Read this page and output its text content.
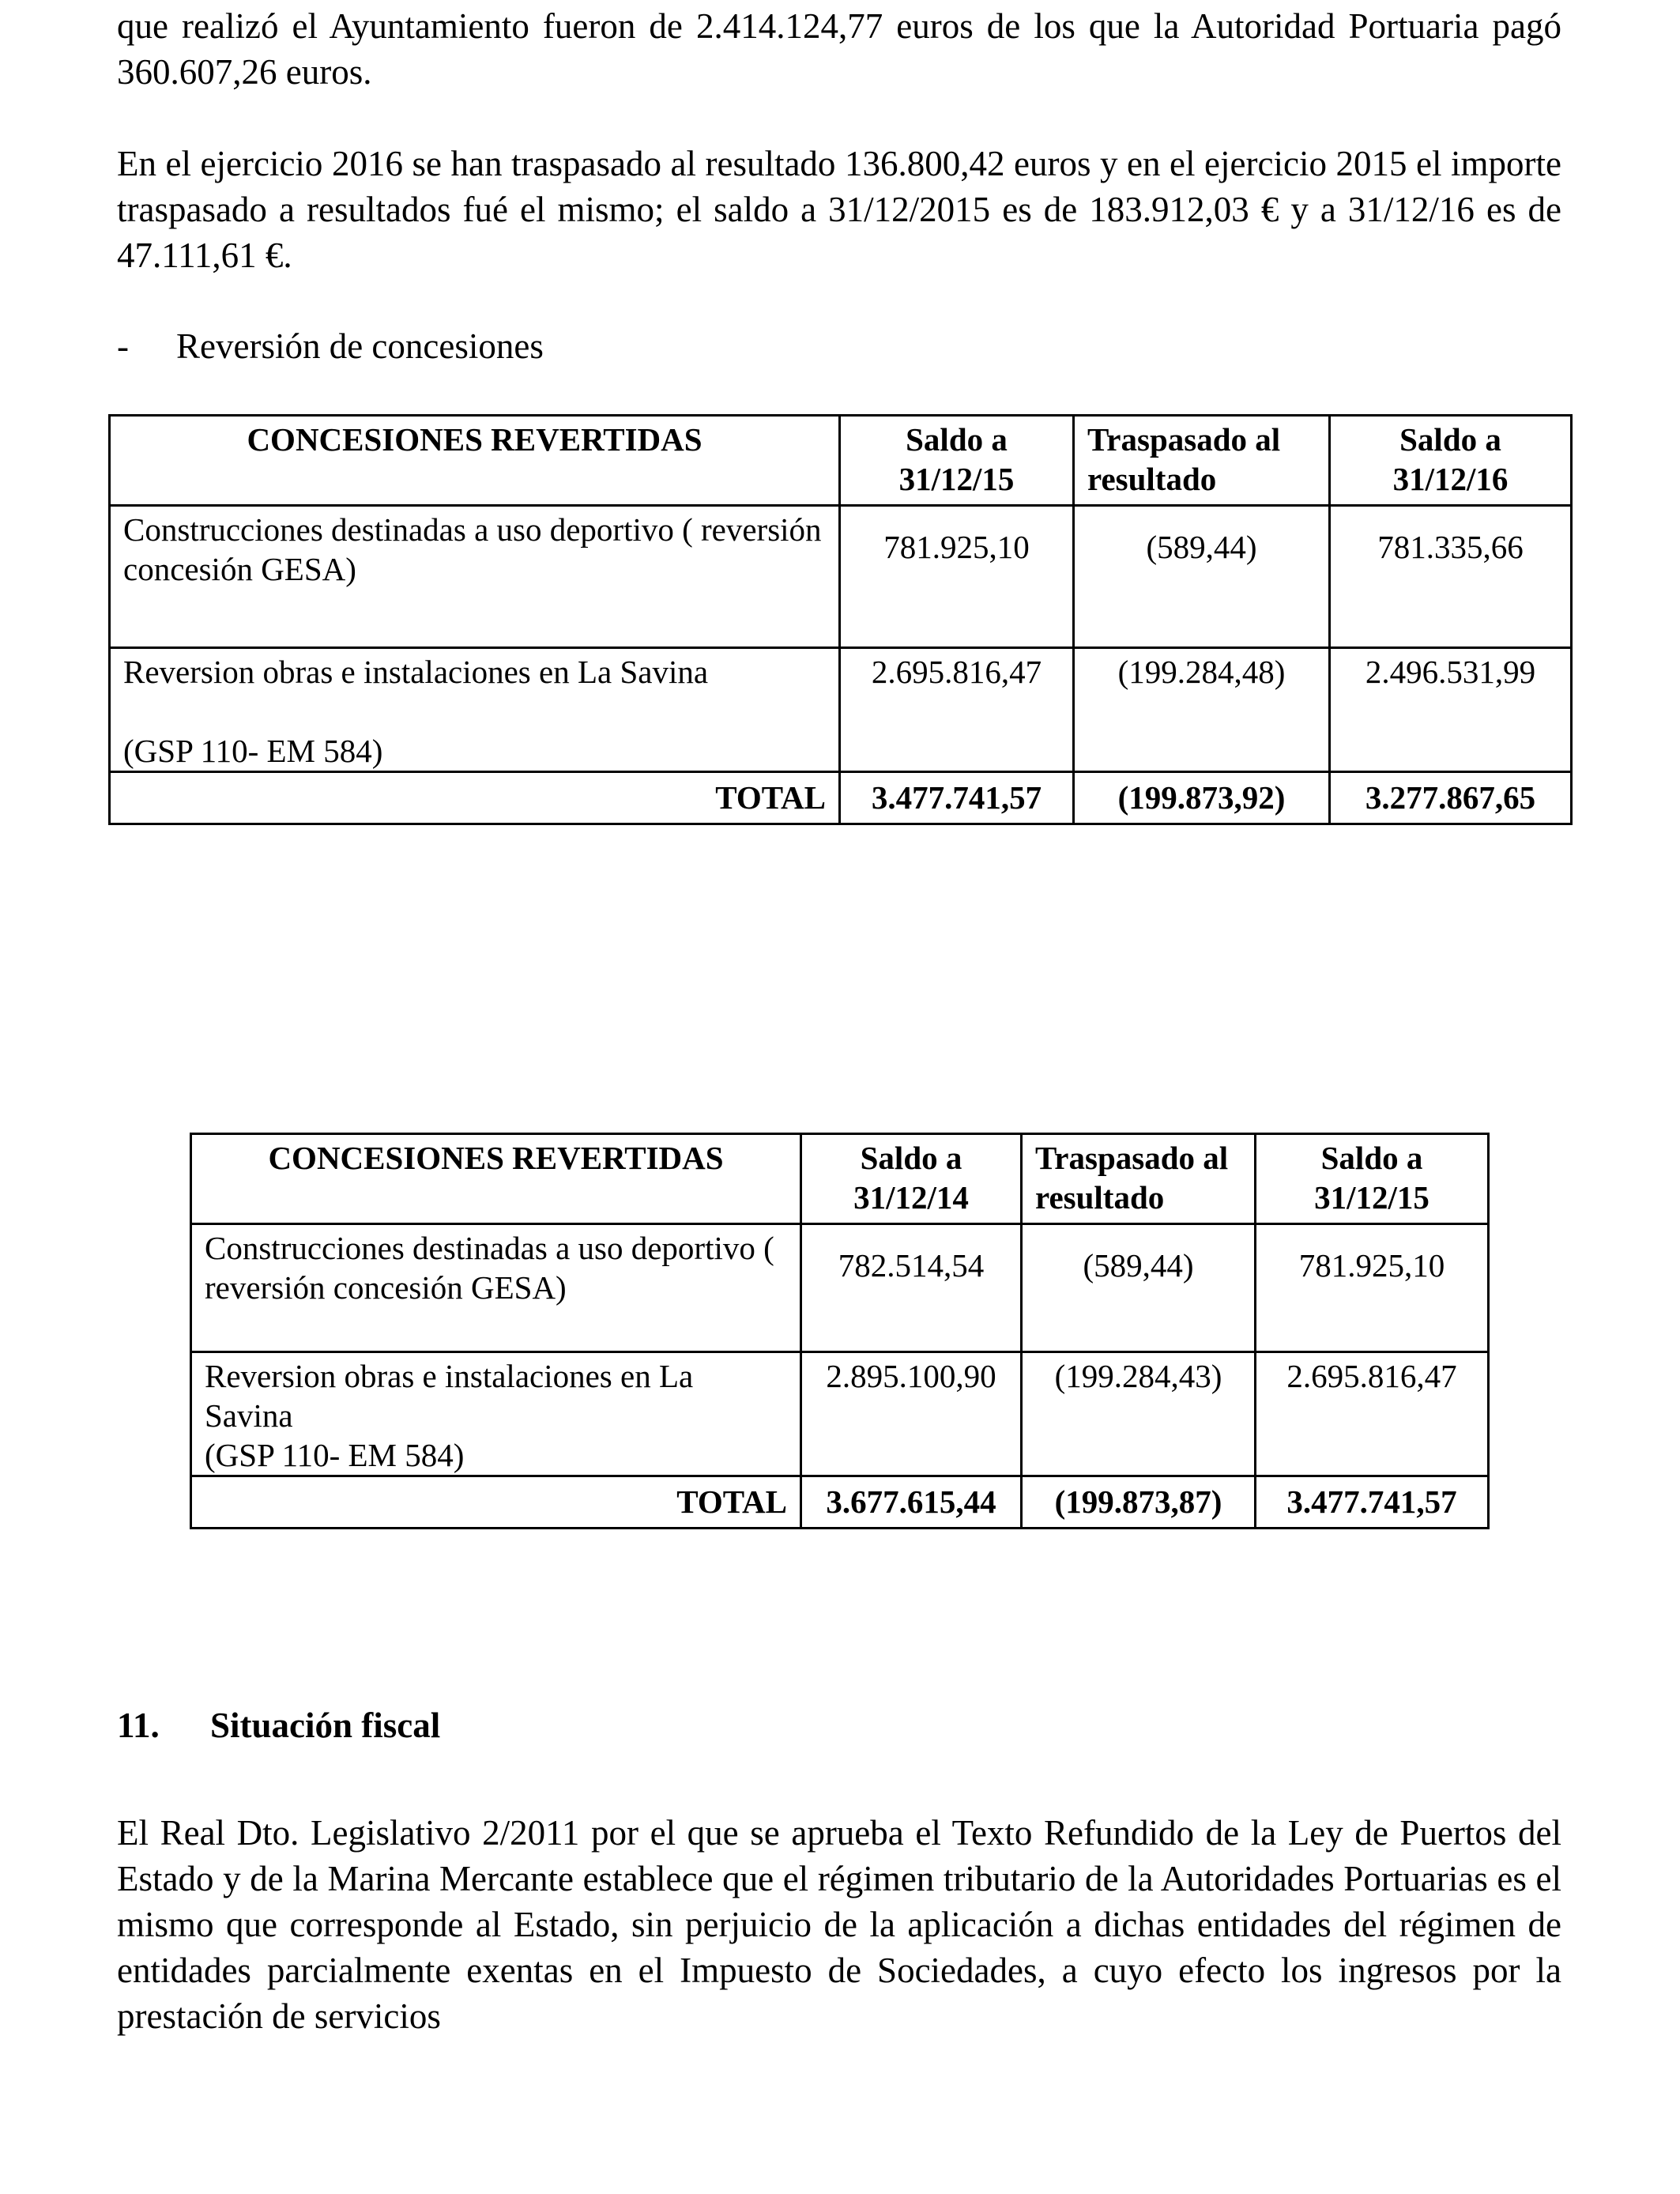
que realizó el Ayuntamiento fueron de 2.414.124,77 euros de los que la Autoridad Portuaria pagó 360.607,26 euros.

En el ejercicio 2016 se han traspasado al resultado 136.800,42 euros y en el ejercicio 2015 el importe traspasado a resultados fué el mismo; el saldo a 31/12/2015 es de 183.912,03 € y a 31/12/16 es de 47.111,61 €.

- Reversión de concesiones
CONCESIONES REVERTIDAS	Saldo a 31/12/15	Traspasado al resultado	Saldo a 31/12/16
Construcciones destinadas a uso deportivo ( reversión concesión GESA)	781.925,10	(589,44)	781.335,66

Reversion obras e instalaciones en La Savina
(GSP 110- EM 584)	2.695.816,47	(199.284,48)	2.496.531,99
TOTAL	3.477.741,57	(199.873,92)	3.277.867,65
CONCESIONES REVERTIDAS	Saldo a 31/12/14	Traspasado al resultado	Saldo a 31/12/15
Construcciones destinadas a uso deportivo ( reversión concesión GESA)	782.514,54	(589,44)	781.925,10

Reversion obras e instalaciones en La Savina
(GSP 110- EM 584)	2.895.100,90	(199.284,43)	2.695.816,47
TOTAL	3.677.615,44	(199.873,87)	3.477.741,57
11. Situación fiscal

El Real Dto. Legislativo 2/2011 por el que se aprueba el Texto Refundido de la Ley de Puertos del Estado y de la Marina Mercante establece que el régimen tributario de la Autoridades Portuarias es el mismo que corresponde al Estado, sin perjuicio de la aplicación a dichas entidades del régimen de entidades parcialmente exentas en el Impuesto de Sociedades, a cuyo efecto los ingresos por la prestación de servicios
